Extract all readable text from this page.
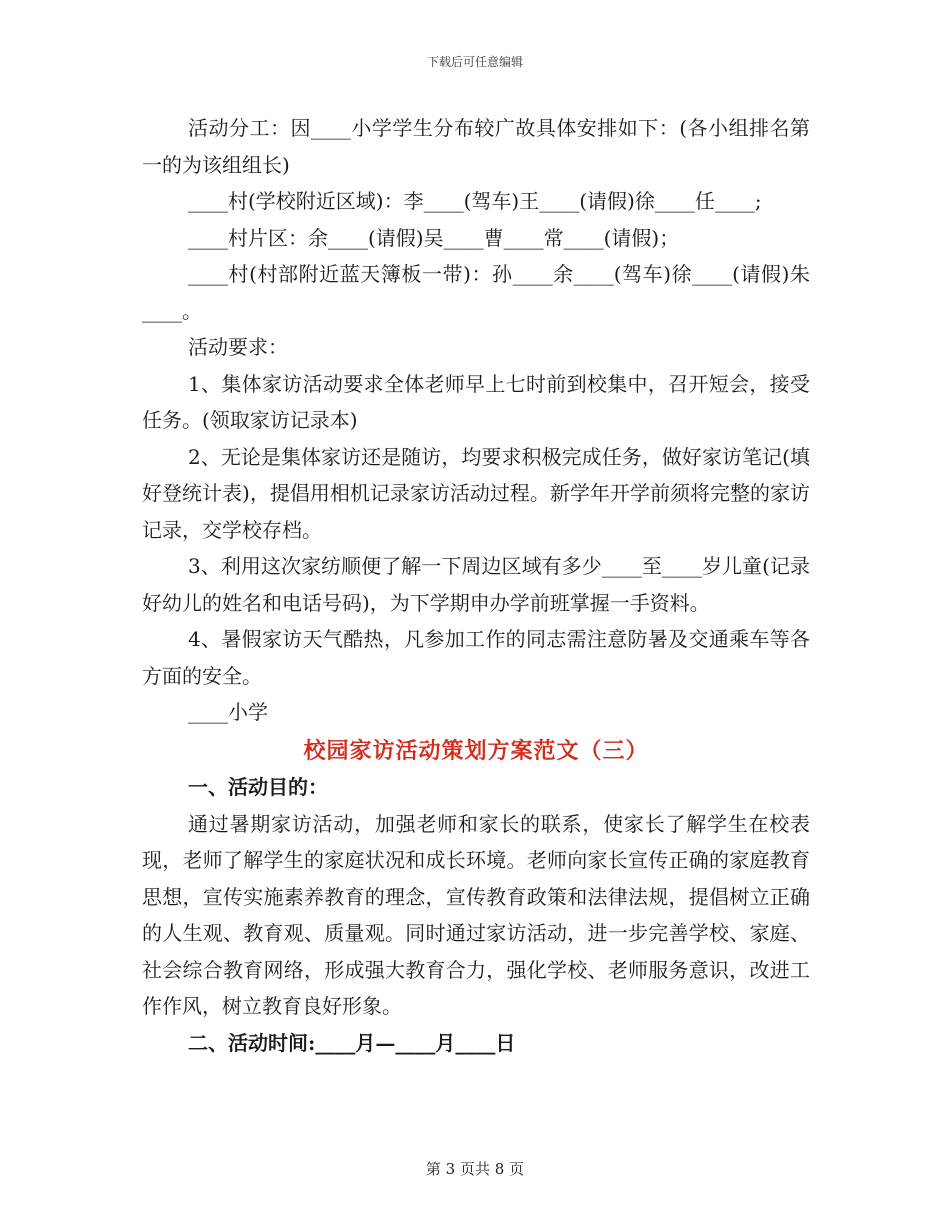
下载后可任意编辑

活动分工：因____小学学生分布较广故具体安排如下：(各小组排名第一的为该组组长)

____村(学校附近区域)：李____(驾车)王____(请假)徐____任____;

____村片区：余____(请假)吴____曹____常____(请假)；

____村(村部附近蓝天簿板一带)：孙____余____(驾车)徐____(请假)朱____。

活动要求：

1、集体家访活动要求全体老师早上七时前到校集中，召开短会，接受任务。(领取家访记录本)

2、无论是集体家访还是随访，均要求积极完成任务，做好家访笔记(填好登统计表)，提倡用相机记录家访活动过程。新学年开学前须将完整的家访记录，交学校存档。

3、利用这次家纺顺便了解一下周边区域有多少____至____岁儿童(记录好幼儿的姓名和电话号码)，为下学期申办学前班掌握一手资料。

4、暑假家访天气酷热，凡参加工作的同志需注意防暑及交通乘车等各方面的安全。

____小学

校园家访活动策划方案范文（三）

一、活动目的：

通过暑期家访活动，加强老师和家长的联系，使家长了解学生在校表现，老师了解学生的家庭状况和成长环境。老师向家长宣传正确的家庭教育思想，宣传实施素养教育的理念，宣传教育政策和法律法规，提倡树立正确的人生观、教育观、质量观。同时通过家访活动，进一步完善学校、家庭、社会综合教育网络，形成强大教育合力，强化学校、老师服务意识，改进工作作风，树立教育良好形象。

二、活动时间:____月—____月____日

第 3 页共 8 页
